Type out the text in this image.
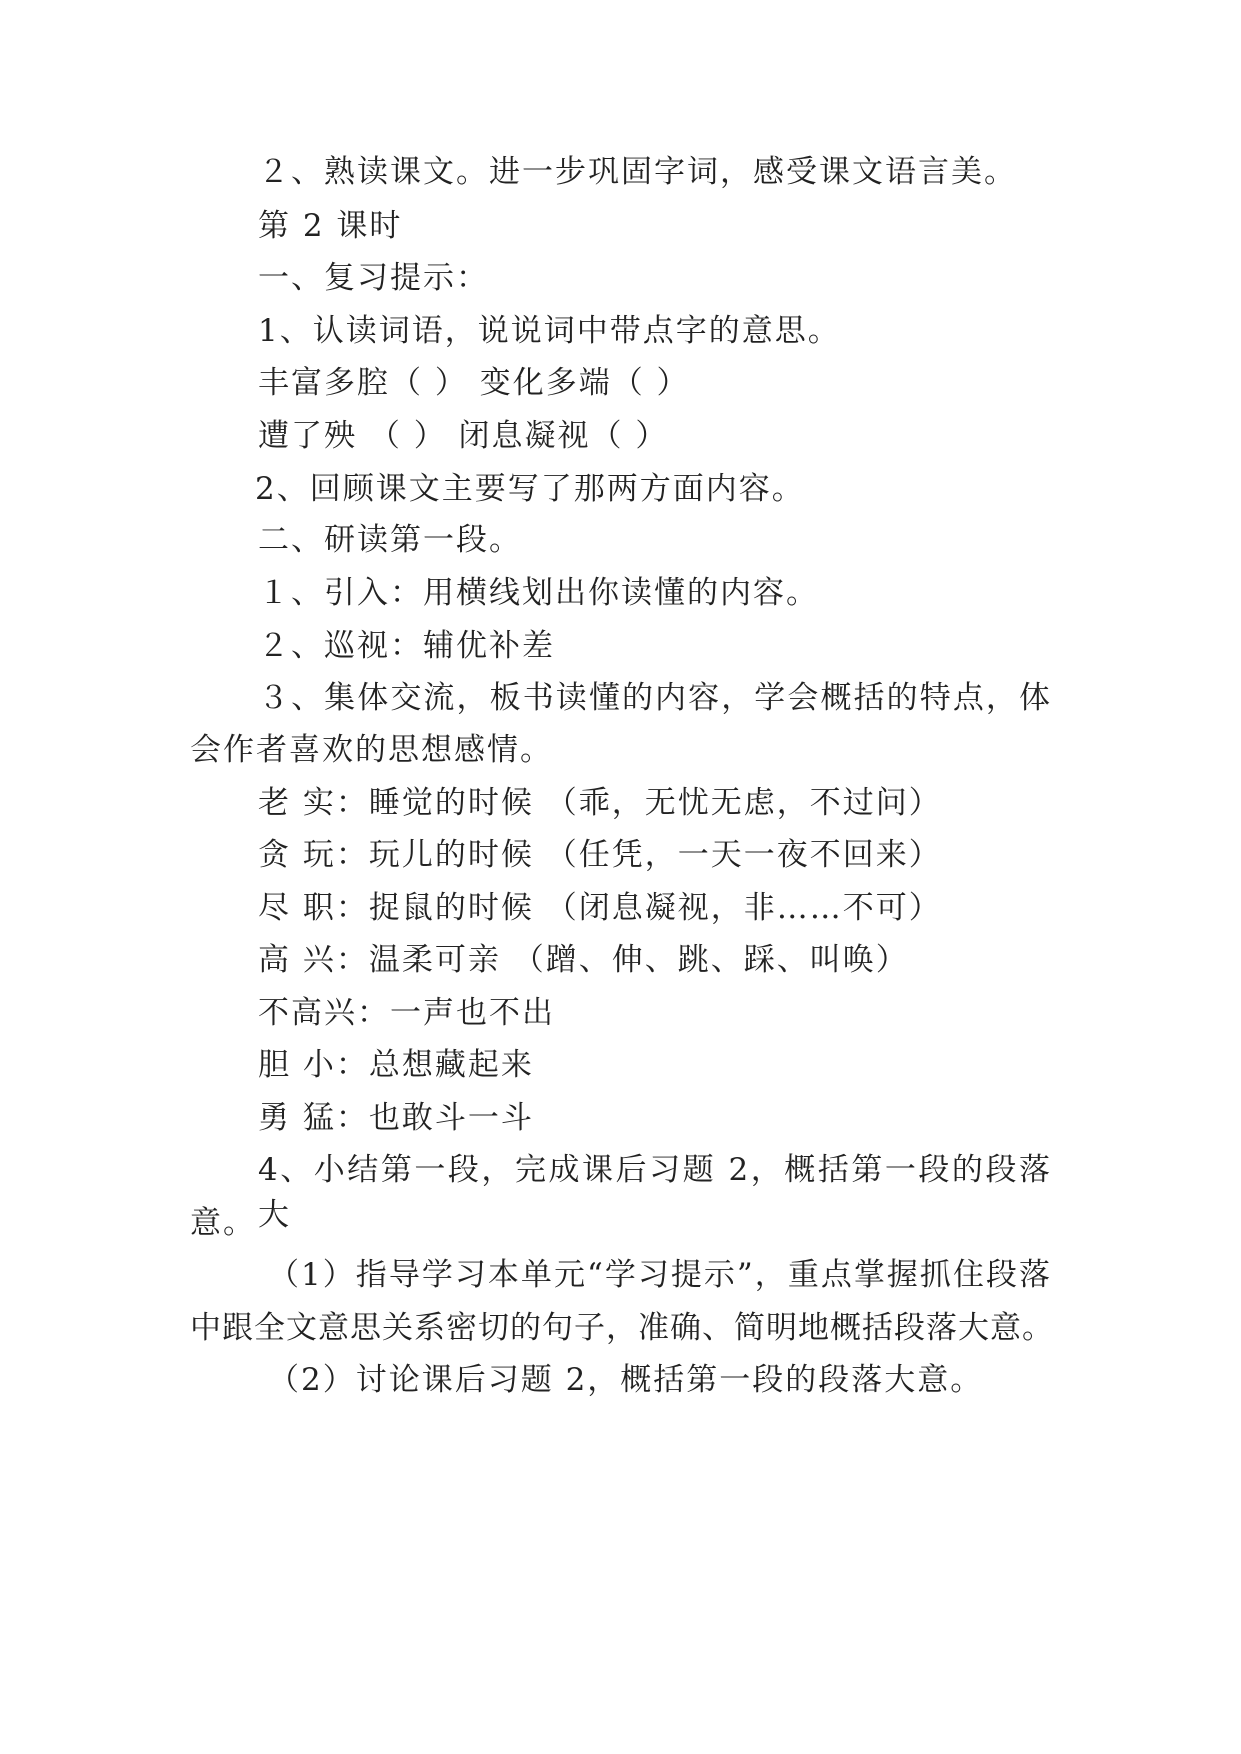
２、熟读课文。进一步巩固字词，感受课文语言美。
第 2 课时
一、复习提示：
1、认读词语，说说词中带点字的意思。
丰富多腔（ ） 变化多端（ ）
遭了殃 （ ） 闭息凝视（ ）
2、回顾课文主要写了那两方面内容。
二、研读第一段。
１、引入：用横线划出你读懂的内容。
２、巡视：辅优补差
３、集体交流，板书读懂的内容，学会概括的特点，体
会作者喜欢的思想感情。
老 实：睡觉的时候 （乖，无忧无虑，不过问）
贪 玩：玩儿的时候 （任凭，一天一夜不回来）
尽 职：捉鼠的时候 （闭息凝视，非……不可）
高 兴：温柔可亲 （蹭、伸、跳、踩、叫唤）
不高兴：一声也不出
胆 小：总想藏起来
勇 猛：也敢斗一斗
4、小结第一段，完成课后习题 2，概括第一段的段落大
意。
（1）指导学习本单元“学习提示”，重点掌握抓住段落
中跟全文意思关系密切的句子，准确、简明地概括段落大意。
（2）讨论课后习题 2，概括第一段的段落大意。
